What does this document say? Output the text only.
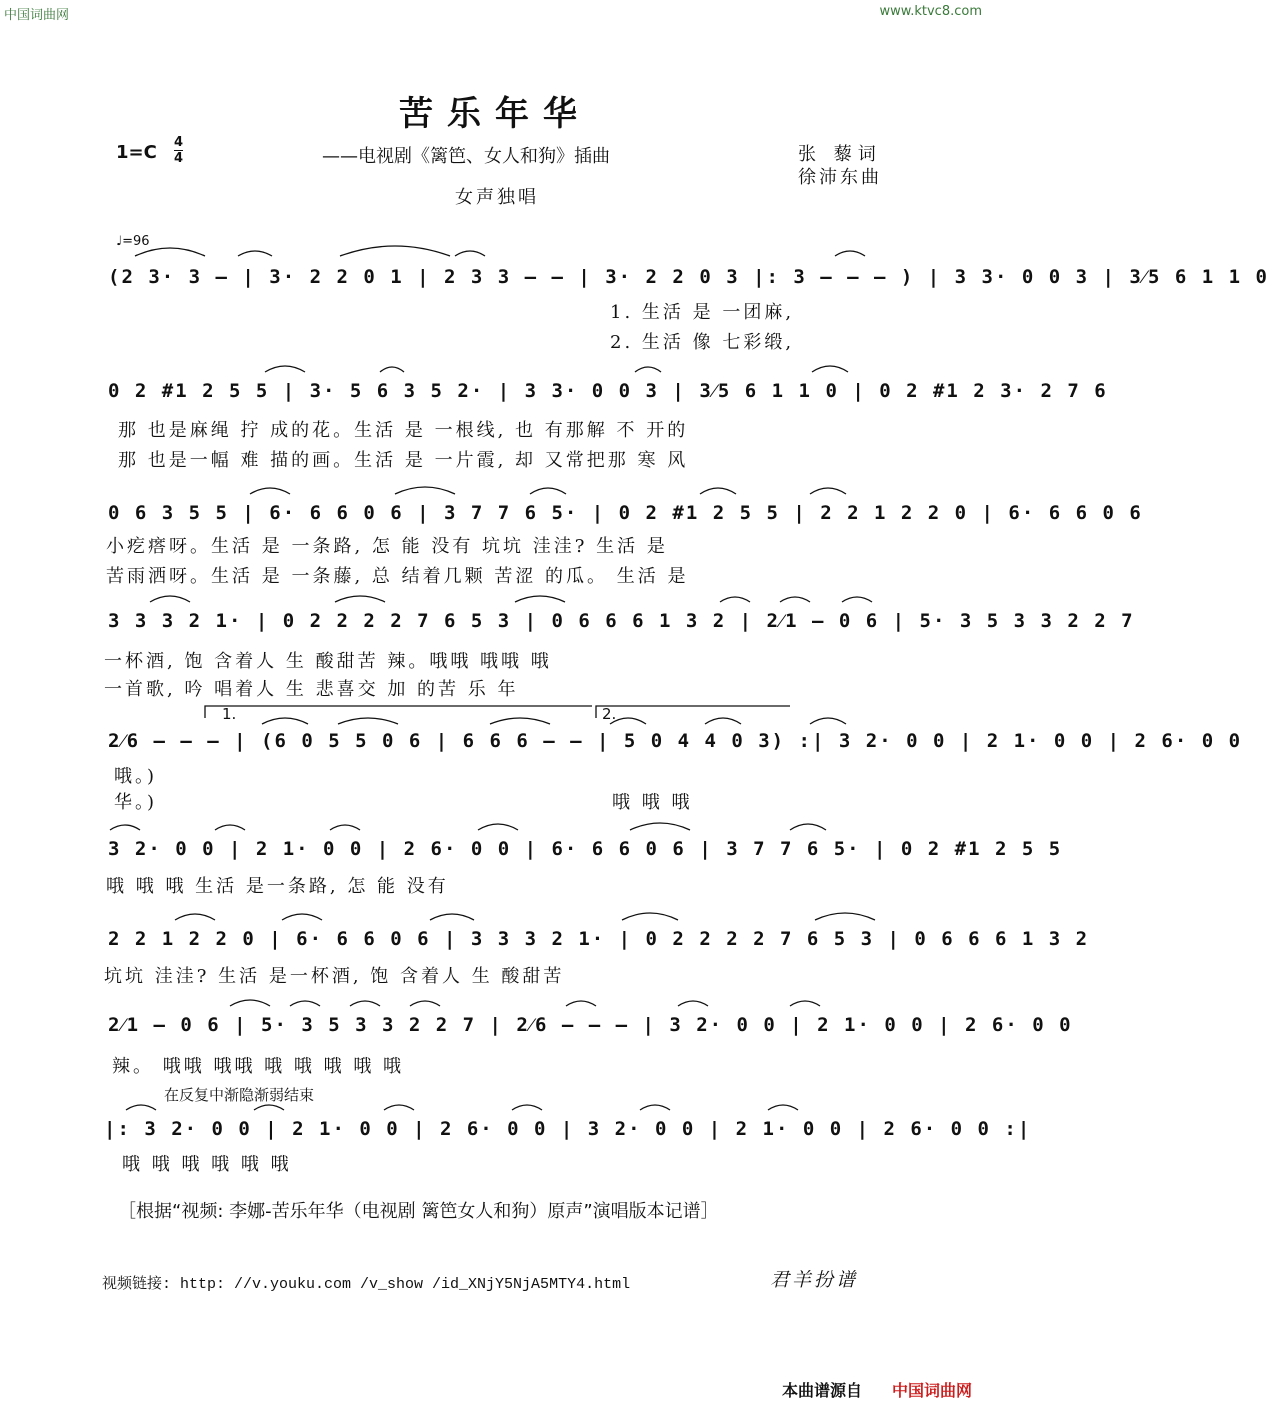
中国词曲网	www.ktvc8.com
苦乐年华
1=C 4
4	——电视剧《篱笆、女人和狗》插曲	张 藜词
徐沛东曲
女声独唱
♩=96
(2 3· 3 – | 3· 2 2 0 1 | 2 3 3 – – | 3· 2 2 0 3 |: 3 – – – ) | 3 3· 0 0 3 | 3⁄5 6 1 1 0
1. 生活 是 一团麻,
2. 生活 像 七彩缎,
0 2 #1 2 5 5 | 3· 5 6 3 5 2· | 3 3· 0 0 3 | 3⁄5 6 1 1 0 | 0 2 #1 2 3· 2 7 6
那 也是麻绳 拧 成的花。生活 是 一根线, 也 有那解 不 开的
那 也是一幅 难 描的画。生活 是 一片霞, 却 又常把那 寒 风
0 6 3 5 5 | 6· 6 6 0 6 | 3 7 7 6 5· | 0 2 #1 2 5 5 | 2 2 1 2 2 0 | 6· 6 6 0 6
小疙瘩呀。生活 是 一条路, 怎 能 没有 坑坑 洼洼? 生活 是
苦雨洒呀。生活 是 一条藤, 总 结着几颗 苦涩 的瓜。 生活 是
3 3 3 2 1· | 0 2 2 2 2 7 6 5 3 | 0 6 6 6 1 3 2 | 2⁄1 – 0 6 | 5· 3 5 3 3 2 2 7
一杯酒, 饱 含着人 生 酸甜苦 辣。哦哦 哦哦 哦
一首歌, 吟 唱着人 生 悲喜交 加 的苦 乐 年
1.	2.
2⁄6 – – – | (6 0 5 5 0 6 | 6 6 6 – – | 5 0 4 4 0 3) :| 3 2· 0 0 | 2 1· 0 0 | 2 6· 0 0
哦。)
华。)	哦 哦 哦
3 2· 0 0 | 2 1· 0 0 | 2 6· 0 0 | 6· 6 6 0 6 | 3 7 7 6 5· | 0 2 #1 2 5 5
哦 哦 哦 生活 是一条路, 怎 能 没有
2 2 1 2 2 0 | 6· 6 6 0 6 | 3 3 3 2 1· | 0 2 2 2 2 7 6 5 3 | 0 6 6 6 1 3 2
坑坑 洼洼? 生活 是一杯酒, 饱 含着人 生 酸甜苦
2⁄1 – 0 6 | 5· 3 5 3 3 2 2 7 | 2⁄6 – – – | 3 2· 0 0 | 2 1· 0 0 | 2 6· 0 0
辣。 哦哦 哦哦 哦 哦 哦 哦 哦
在反复中渐隐渐弱结束
|: 3 2· 0 0 | 2 1· 0 0 | 2 6· 0 0 | 3 2· 0 0 | 2 1· 0 0 | 2 6· 0 0 :|
哦 哦 哦 哦 哦 哦
［根据“视频: 李娜-苦乐年华（电视剧 篱笆女人和狗）原声”演唱版本记谱］
视频链接: http: //v.youku.com /v_show /id_XNjY5NjA5MTY4.html	君羊扮谱
本曲谱源自 中国词曲网
